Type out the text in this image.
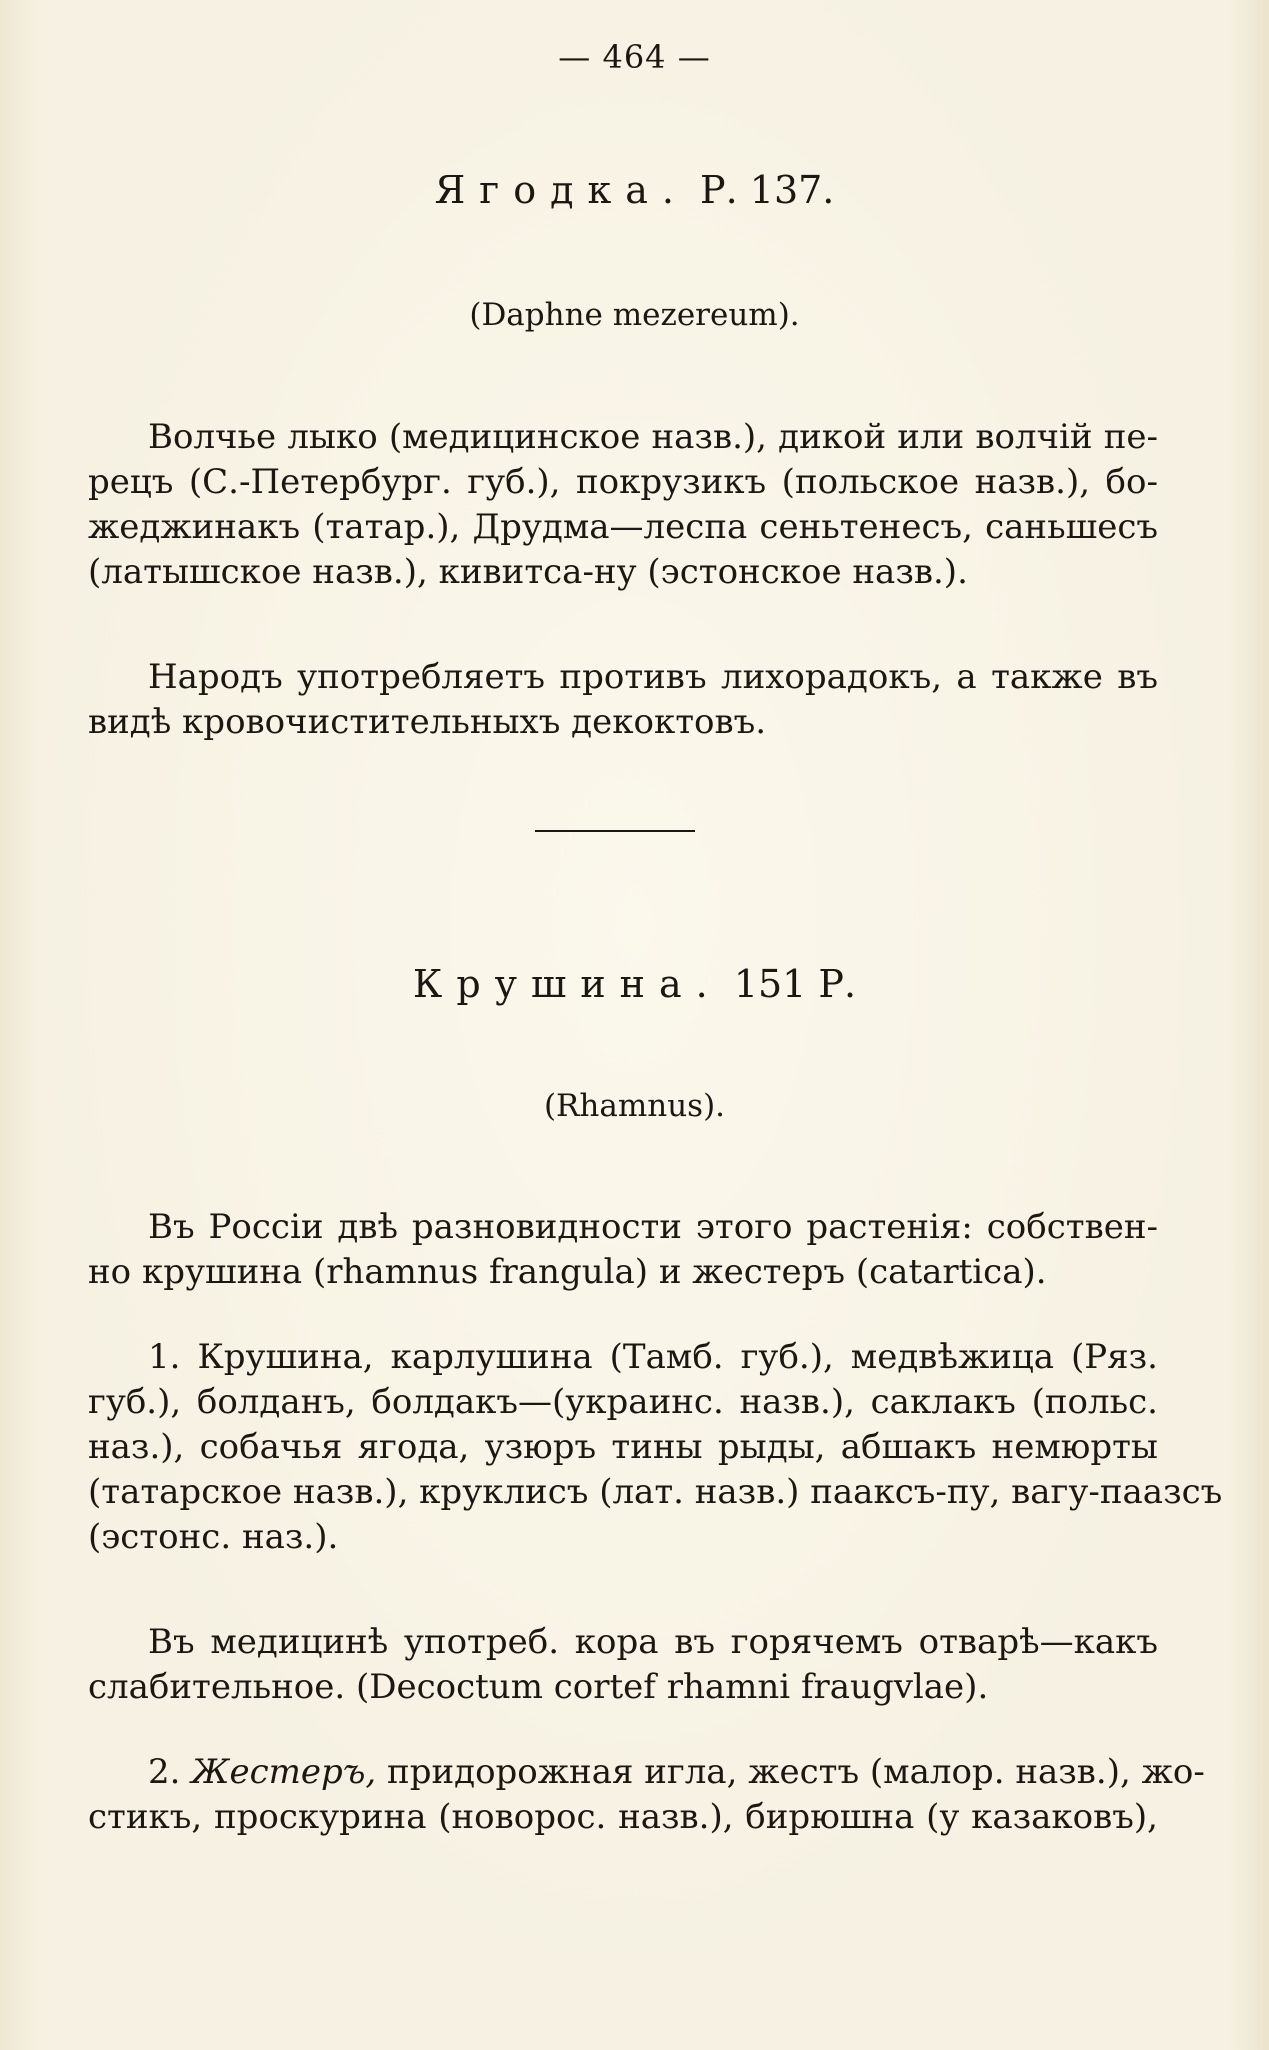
— 464 —
Ягодка. Р. 137.
(Daphne mezereum).
Волчье лыко (медицинское назв.), дикой или волчій пе-
рецъ (С.-Петербург. губ.), покрузикъ (польское назв.), бо-
жеджинакъ (татар.), Друдма—леспа сеньтенесъ, саньшесъ
(латышское назв.), кивитса-ну (эстонское назв.).
Народъ употребляетъ противъ лихорадокъ, а также въ
видѣ кровочистительныхъ декоктовъ.
Крушина. 151 Р.
(Rhamnus).
Въ Россіи двѣ разновидности этого растенія: собствен-
но крушина (rhamnus frangula) и жестеръ (catartica).
1. Крушина, карлушина (Тамб. губ.), медвѣжица (Ряз.
губ.), болданъ, болдакъ—(украинс. назв.), саклакъ (польс.
наз.), собачья ягода, узюръ тины рыды, абшакъ немюрты
(татарское назв.), круклисъ (лат. назв.) пааксъ-пу, вагу-паазсъ
(эстонс. наз.).
Въ медицинѣ употреб. кора въ горячемъ отварѣ—какъ
слабительное. (Decoctum cortef rhamni fraugvlae).
2. Жестеръ, придорожная игла, жестъ (малор. назв.), жо-
стикъ, проскурина (новорос. назв.), бирюшна (у казаковъ),
